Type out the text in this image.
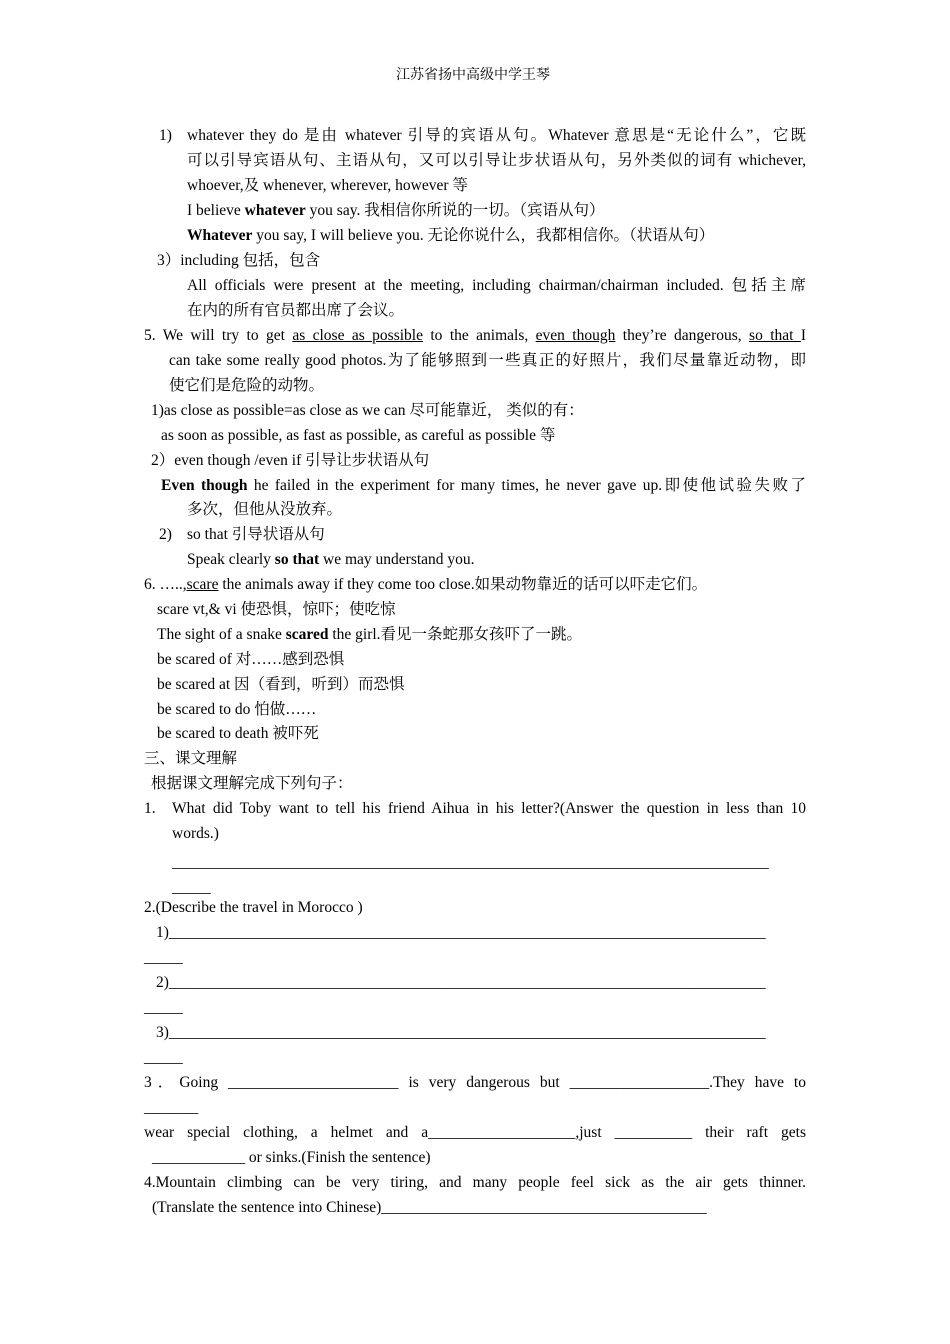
江苏省扬中高级中学王琴
1) whatever they do 是由 whatever 引导的宾语从句。Whatever 意思是“无论什么”，它既
可以引导宾语从句、主语从句，又可以引导让步状语从句，另外类似的词有 whichever,
whoever,及 whenever, wherever, however 等
I believe whatever you say. 我相信你所说的一切。（宾语从句）
Whatever you say, I will believe you. 无论你说什么，我都相信你。（状语从句）
3）including 包括，包含
All officials were present at the meeting, including chairman/chairman included. 包括主席
在内的所有官员都出席了会议。
5. We will try to get as close as possible to the animals, even though they’re dangerous, so that I
can take some really good photos.为了能够照到一些真正的好照片，我们尽量靠近动物，即
使它们是危险的动物。
1)as close as possible=as close as we can 尽可能靠近， 类似的有：
as soon as possible, as fast as possible, as careful as possible 等
2）even though /even if 引导让步状语从句
Even though he failed in the experiment for many times, he never gave up.即使他试验失败了
多次，但他从没放弃。
2) so that 引导状语从句
Speak clearly so that we may understand you.
6. …..,scare the animals away if they come too close.如果动物靠近的话可以吓走它们。
scare vt,& vi 使恐惧，惊吓；使吃惊
The sight of a snake scared the girl.看见一条蛇那女孩吓了一跳。
be scared of 对……感到恐惧
be scared at 因（看到，听到）而恐惧
be scared to do 怕做……
be scared to death 被吓死
三、课文理解
根据课文理解完成下列句子：
1. What did Toby want to tell his friend Aihua in his letter?(Answer the question in less than 10
words.)
_____________________________________________________________________________
_____
2.(Describe the travel in Morocco )
1)_____________________________________________________________________________
_____
2)_____________________________________________________________________________
_____
3)_____________________________________________________________________________
_____
3．Going ______________________ is very dangerous but __________________.They have to
_______
wear special clothing, a helmet and a___________________,just __________ their raft gets
____________ or sinks.(Finish the sentence)
4.Mountain climbing can be very tiring, and many people feel sick as the air gets thinner.
(Translate the sentence into Chinese)__________________________________________
